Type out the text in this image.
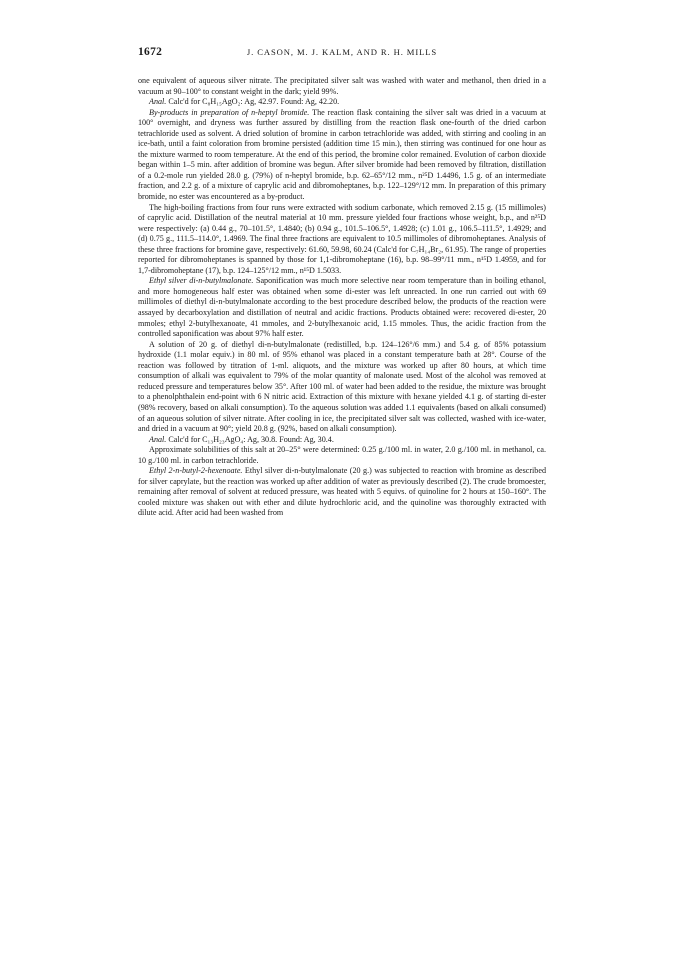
1672	J. CASON, M. J. KALM, AND R. H. MILLS

one equivalent of aqueous silver nitrate. The precipitated silver salt was washed with water and methanol, then dried in a vacuum at 90–100° to constant weight in the dark; yield 99%.

Anal. Calc'd for C₈H₁₅AgO₂: Ag, 42.97. Found: Ag, 42.20.

By-products in preparation of n-heptyl bromide. The reaction flask containing the silver salt was dried in a vacuum at 100° overnight, and dryness was further assured by distilling from the reaction flask one-fourth of the dried carbon tetrachloride used as solvent. A dried solution of bromine in carbon tetrachloride was added, with stirring and cooling in an ice-bath, until a faint coloration from bromine persisted (addition time 15 min.), then stirring was continued for one hour as the mixture warmed to room temperature. At the end of this period, the bromine color remained. Evolution of carbon dioxide began within 1–5 min. after addition of bromine was begun. After silver bromide had been removed by filtration, distillation of a 0.2-mole run yielded 28.0 g. (79%) of n-heptyl bromide, b.p. 62–65°/12 mm., n²⁵D 1.4496, 1.5 g. of an intermediate fraction, and 2.2 g. of a mixture of caprylic acid and dibromoheptanes, b.p. 122–129°/12 mm. In preparation of this primary bromide, no ester was encountered as a by-product.

The high-boiling fractions from four runs were extracted with sodium carbonate, which removed 2.15 g. (15 millimoles) of caprylic acid. Distillation of the neutral material at 10 mm. pressure yielded four fractions whose weight, b.p., and n²⁵D were respectively: (a) 0.44 g., 70–101.5°, 1.4840; (b) 0.94 g., 101.5–106.5°, 1.4928; (c) 1.01 g., 106.5–111.5°, 1.4929; and (d) 0.75 g., 111.5–114.0°, 1.4969. The final three fractions are equivalent to 10.5 millimoles of dibromoheptanes. Analysis of these three fractions for bromine gave, respectively: 61.60, 59.98, 60.24 (Calc'd for C₇H₁₄Br₂, 61.95). The range of properties reported for dibromoheptanes is spanned by those for 1,1-dibromoheptane (16), b.p. 98–99°/11 mm., n¹⁵D 1.4959, and for 1,7-dibromoheptane (17), b.p. 124–125°/12 mm., n¹⁵D 1.5033.

Ethyl silver di-n-butylmalonate. Saponification was much more selective near room temperature than in boiling ethanol, and more homogeneous half ester was obtained when some di-ester was left unreacted. In one run carried out with 69 millimoles of diethyl di-n-butylmalonate according to the best procedure described below, the products of the reaction were assayed by decarboxylation and distillation of neutral and acidic fractions. Products obtained were: recovered di-ester, 20 mmoles; ethyl 2-butylhexanoate, 41 mmoles, and 2-butylhexanoic acid, 1.15 mmoles. Thus, the acidic fraction from the controlled saponification was about 97% half ester.

A solution of 20 g. of diethyl di-n-butylmalonate (redistilled, b.p. 124–126°/6 mm.) and 5.4 g. of 85% potassium hydroxide (1.1 molar equiv.) in 80 ml. of 95% ethanol was placed in a constant temperature bath at 28°. Course of the reaction was followed by titration of 1-ml. aliquots, and the mixture was worked up after 80 hours, at which time consumption of alkali was equivalent to 79% of the molar quantity of malonate used. Most of the alcohol was removed at reduced pressure and temperatures below 35°. After 100 ml. of water had been added to the residue, the mixture was brought to a phenolphthalein end-point with 6 N nitric acid. Extraction of this mixture with hexane yielded 4.1 g. of starting di-ester (98% recovery, based on alkali consumption). To the aqueous solution was added 1.1 equivalents (based on alkali consumed) of an aqueous solution of silver nitrate. After cooling in ice, the precipitated silver salt was collected, washed with ice-water, and dried in a vacuum at 90°; yield 20.8 g. (92%, based on alkali consumption).

Anal. Calc'd for C₁₃H₂₃AgO₄: Ag, 30.8. Found: Ag, 30.4.

Approximate solubilities of this salt at 20–25° were determined: 0.25 g./100 ml. in water, 2.0 g./100 ml. in methanol, ca. 10 g./100 ml. in carbon tetrachloride.

Ethyl 2-n-butyl-2-hexenoate. Ethyl silver di-n-butylmalonate (20 g.) was subjected to reaction with bromine as described for silver caprylate, but the reaction was worked up after addition of water as previously described (2). The crude bromoester, remaining after removal of solvent at reduced pressure, was heated with 5 equivs. of quinoline for 2 hours at 150–160°. The cooled mixture was shaken out with ether and dilute hydrochloric acid, and the quinoline was thoroughly extracted with dilute acid. After acid had been washed from
